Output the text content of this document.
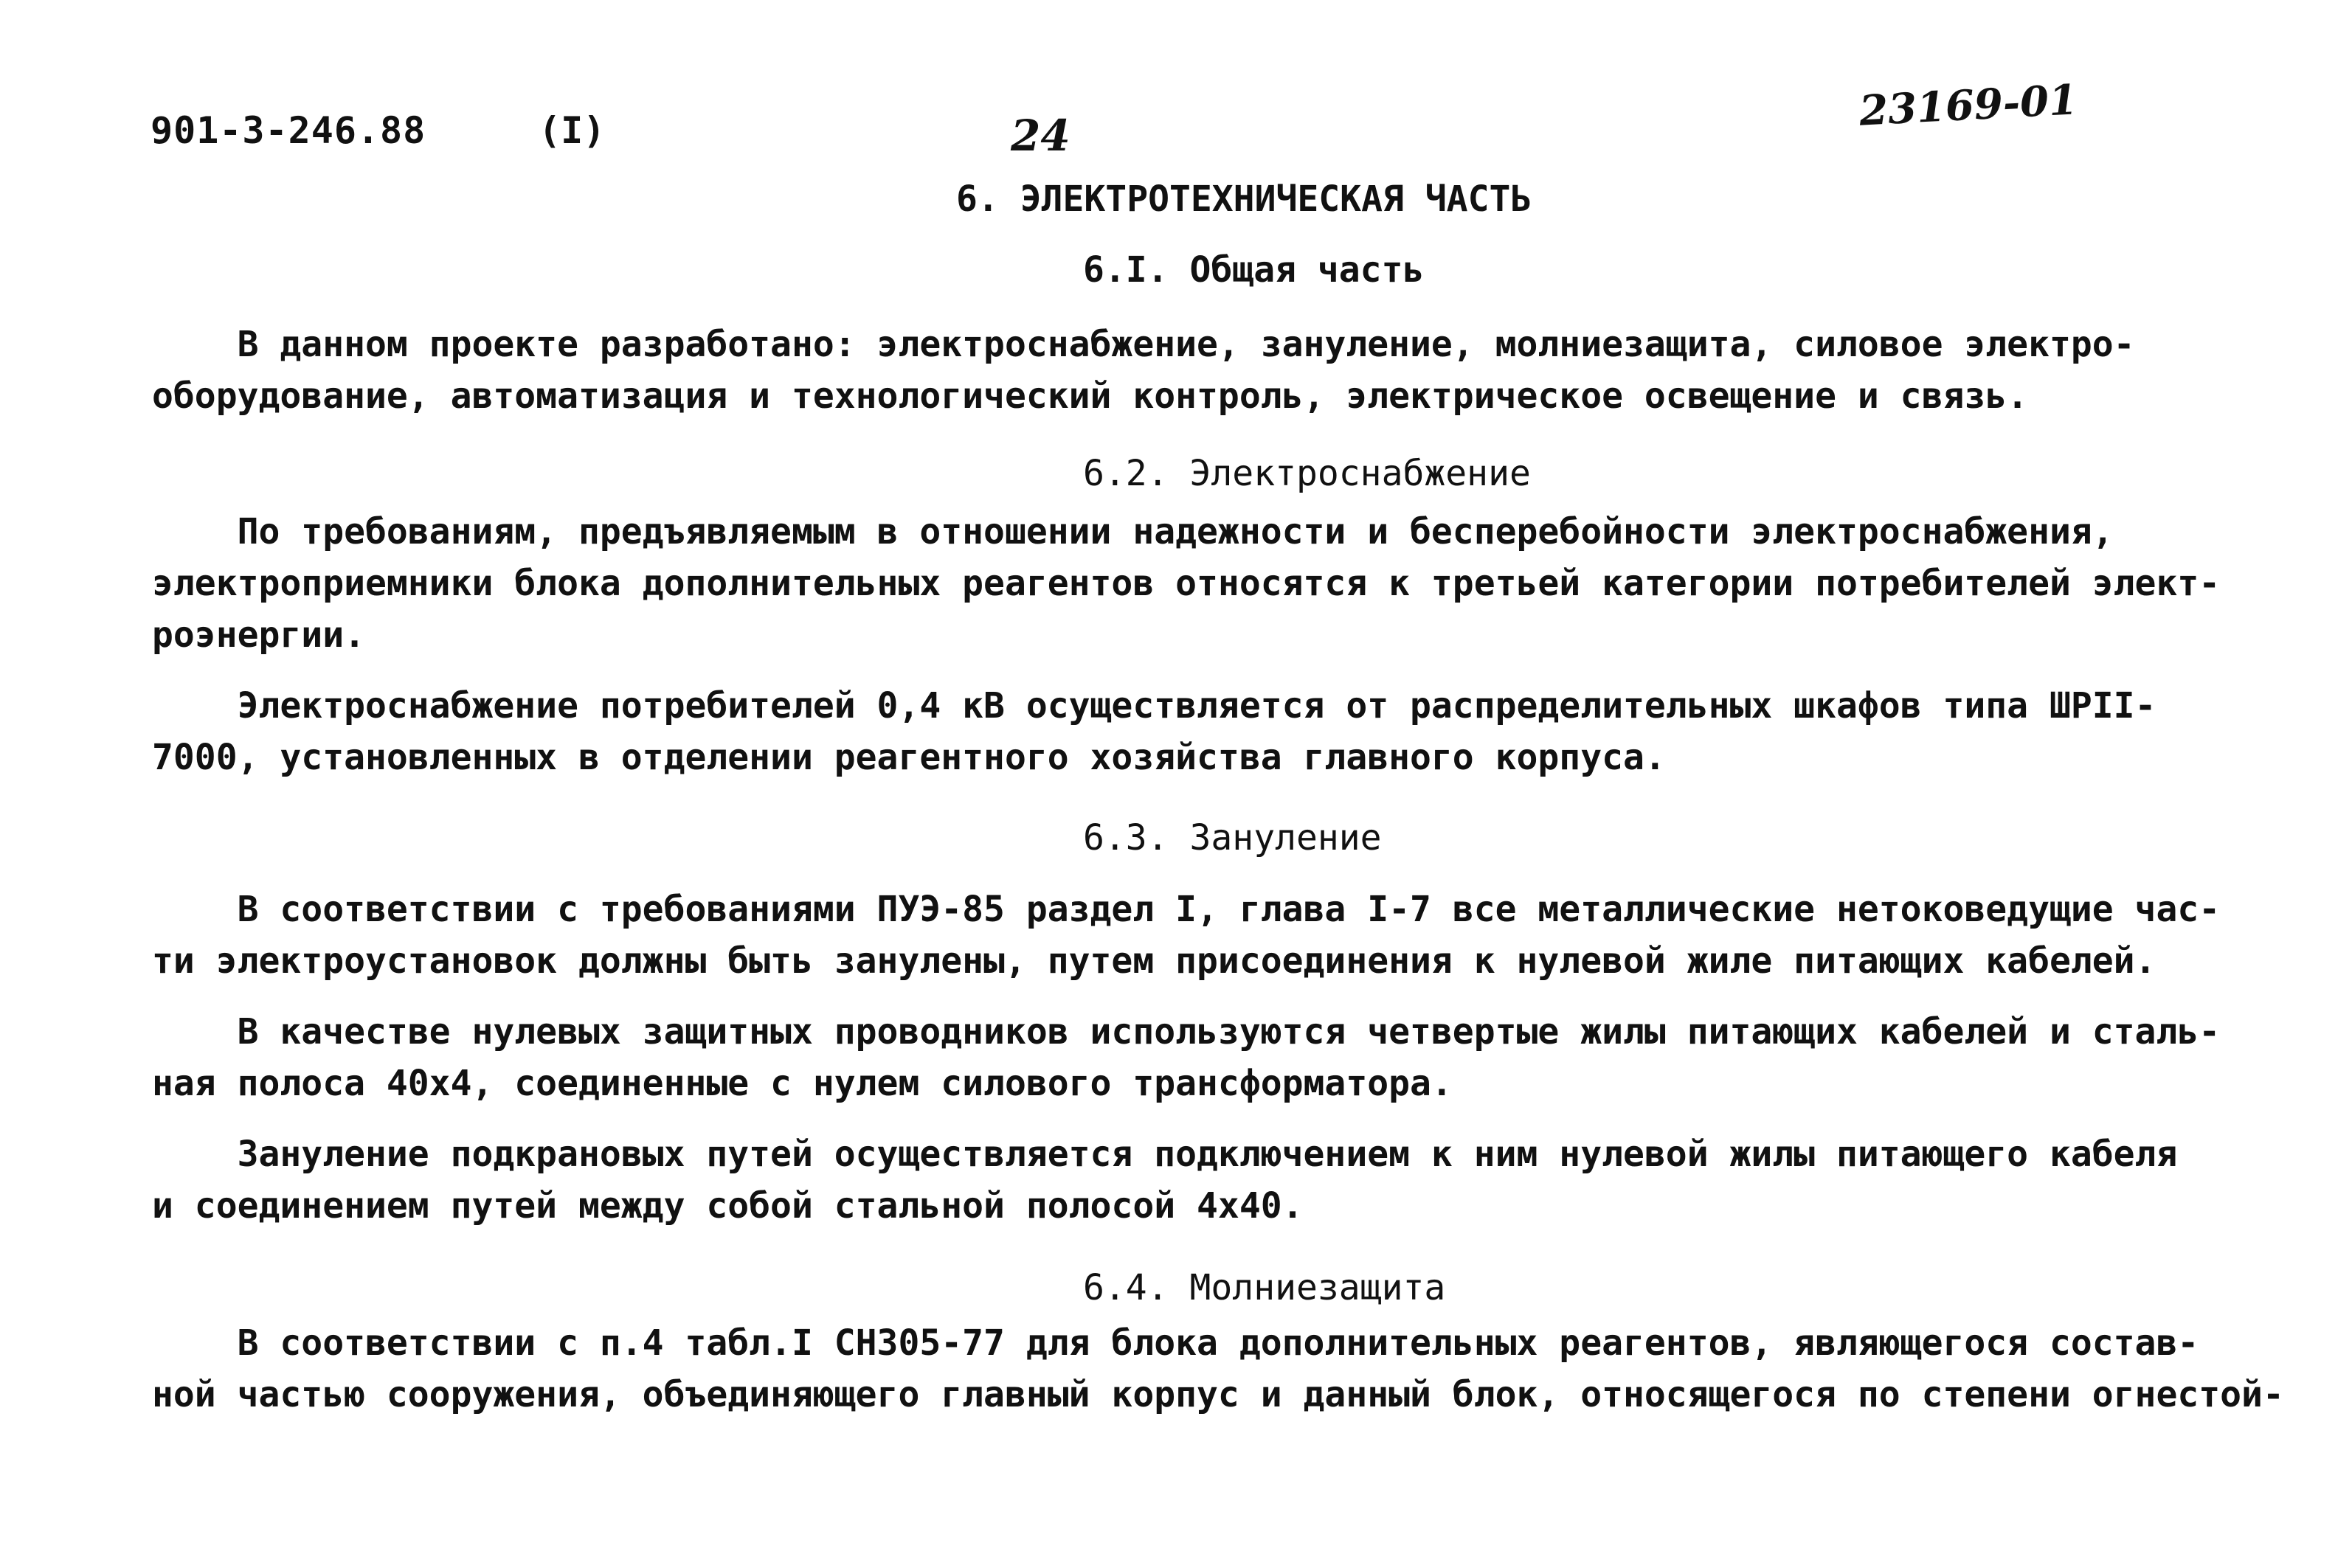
901-3-246.88	(I)	24
23169-01
6. ЭЛЕКТРОТЕХНИЧЕСКАЯ ЧАСТЬ
6.I. Общая часть
В данном проекте разработано: электроснабжение, зануление, молниезащита, силовое электро-
оборудование, автоматизация и технологический контроль, электрическое освещение и связь.
6.2. Электроснабжение
По требованиям, предъявляемым в отношении надежности и бесперебойности электроснабжения,
электроприемники блока дополнительных реагентов относятся к третьей категории потребителей элект-
роэнергии.
Электроснабжение потребителей 0,4 кВ осуществляется от распределительных шкафов типа ШРII-
7000, установленных в отделении реагентного хозяйства главного корпуса.
6.3. Зануление
В соответствии с требованиями ПУЭ-85 раздел I, глава I-7 все металлические нетоковедущие час-
ти электроустановок должны быть занулены, путем присоединения к нулевой жиле питающих кабелей.
В качестве нулевых защитных проводников используются четвертые жилы питающих кабелей и сталь-
ная полоса 40х4, соединенные с нулем силового трансформатора.
Зануление подкрановых путей осуществляется подключением к ним нулевой жилы питающего кабеля
и соединением путей между собой стальной полосой 4х40.
6.4. Молниезащита
В соответствии с п.4 табл.I СН305-77 для блока дополнительных реагентов, являющегося состав-
ной частью сооружения, объединяющего главный корпус и данный блок, относящегося по степени огнестой-
